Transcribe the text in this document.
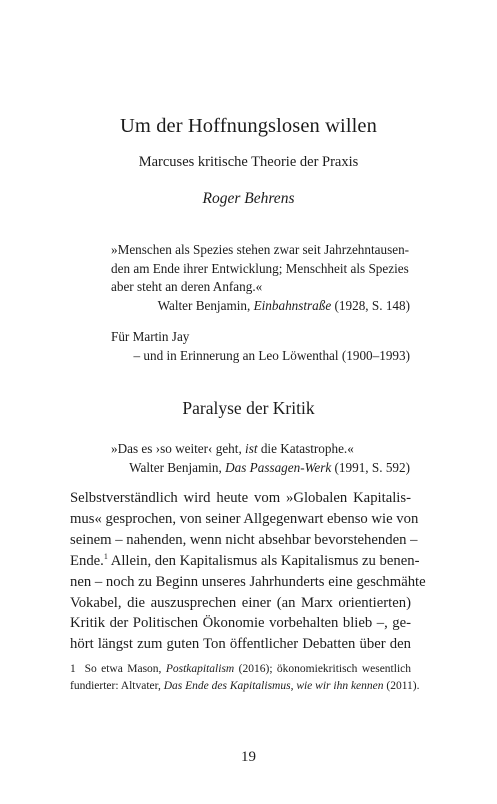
Um der Hoffnungslosen willen
Marcuses kritische Theorie der Praxis
Roger Behrens
»Menschen als Spezies stehen zwar seit Jahrzehntausen-
den am Ende ihrer Entwicklung; Menschheit als Spezies
aber steht an deren Anfang.«
Walter Benjamin, Einbahnstraße (1928, S. 148)
Für Martin Jay
– und in Erinnerung an Leo Löwenthal (1900–1993)
Paralyse der Kritik
»Das es ›so weiter‹ geht, ist die Katastrophe.«
Walter Benjamin, Das Passagen-Werk (1991, S. 592)
Selbstverständlich wird heute vom »Globalen Kapitalis-
mus« gesprochen, von seiner Allgegenwart ebenso wie von
seinem – nahenden, wenn nicht absehbar bevorstehenden –
Ende.$^1$ Allein, den Kapitalismus als Kapitalismus zu benen-
nen – noch zu Beginn unseres Jahrhunderts eine geschmähte
Vokabel, die auszusprechen einer (an Marx orientierten)
Kritik der Politischen Ökonomie vorbehalten blieb –, ge-
hört längst zum guten Ton öffentlicher Debatten über den
1 So etwa Mason, Postkapitalism (2016); ökonomiekritisch wesentlich
fundierter: Altvater, Das Ende des Kapitalismus, wie wir ihn kennen (2011).
19
